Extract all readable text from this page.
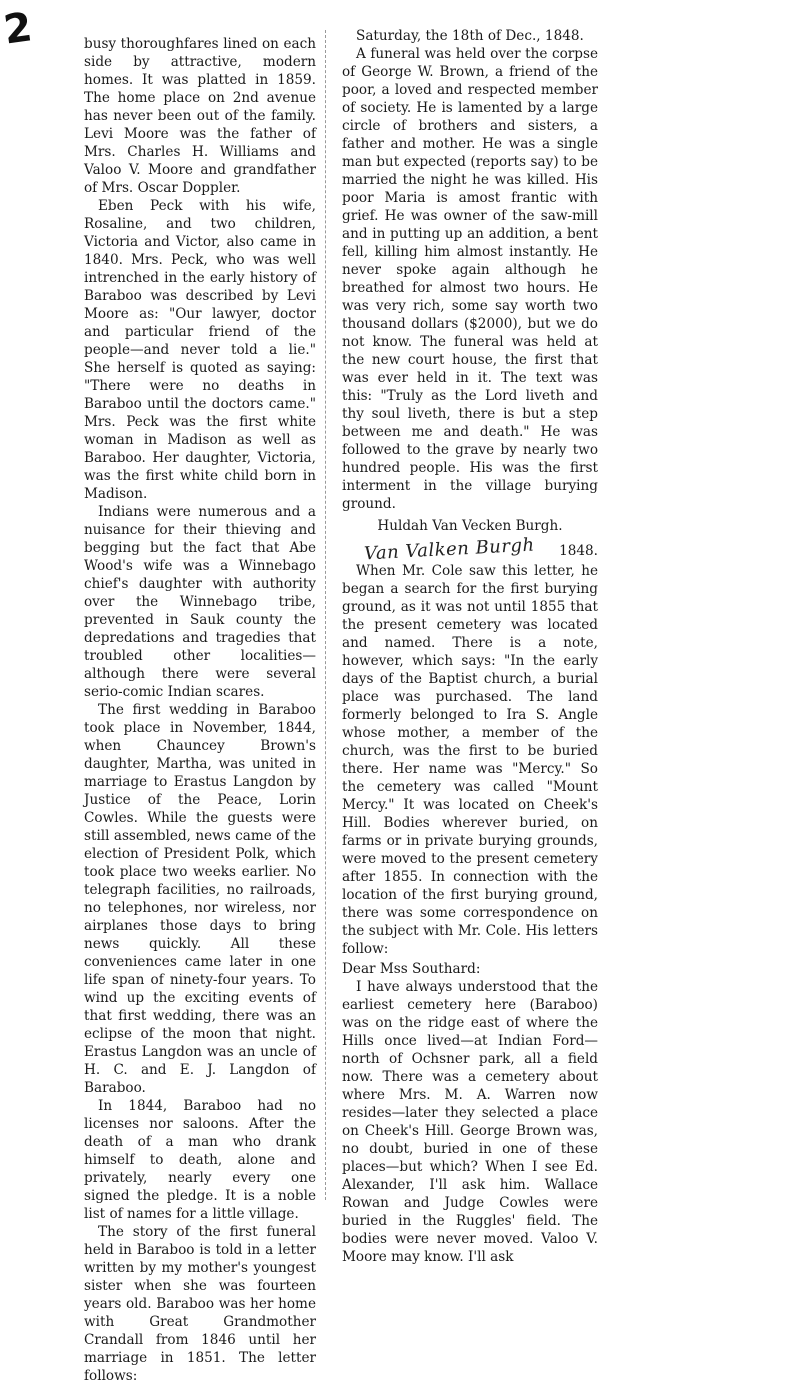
2	busy thoroughfares lined on each side by attractive, modern homes. It was platted in 1859. The home place on 2nd avenue has never been out of the family. Levi Moore was the father of Mrs. Charles H. Williams and Valoo V. Moore and grandfather of Mrs. Oscar Doppler.

Eben Peck with his wife, Rosaline, and two children, Victoria and Victor, also came in 1840. Mrs. Peck, who was well intrenched in the early history of Baraboo was described by Levi Moore as: "Our lawyer, doctor and particular friend of the people—and never told a lie." She herself is quoted as saying: "There were no deaths in Baraboo until the doctors came." Mrs. Peck was the first white woman in Madison as well as Baraboo. Her daughter, Victoria, was the first white child born in Madison.

Indians were numerous and a nuisance for their thieving and begging but the fact that Abe Wood's wife was a Winnebago chief's daughter with authority over the Winnebago tribe, prevented in Sauk county the depredations and tragedies that troubled other localities—although there were several serio-comic Indian scares.

The first wedding in Baraboo took place in November, 1844, when Chauncey Brown's daughter, Martha, was united in marriage to Erastus Langdon by Justice of the Peace, Lorin Cowles. While the guests were still assembled, news came of the election of President Polk, which took place two weeks earlier. No telegraph facilities, no railroads, no telephones, nor wireless, nor airplanes those days to bring news quickly. All these conveniences came later in one life span of ninety-four years. To wind up the exciting events of that first wedding, there was an eclipse of the moon that night. Erastus Langdon was an uncle of H. C. and E. J. Langdon of Baraboo.

In 1844, Baraboo had no licenses nor saloons. After the death of a man who drank himself to death, alone and privately, nearly every one signed the pledge. It is a noble list of names for a little village.

The story of the first funeral held in Baraboo is told in a letter written by my mother's youngest sister when she was fourteen years old. Baraboo was her home with Great Grandmother Crandall from 1846 until her marriage in 1851. The letter follows:

Saturday, the 18th of Dec., 1848.

A funeral was held over the corpse of George W. Brown, a friend of the poor, a loved and respected member of society. He is lamented by a large circle of brothers and sisters, a father and mother. He was a single man but expected (reports say) to be married the night he was killed. His poor Maria is amost frantic with grief. He was owner of the saw-mill and in putting up an addition, a bent fell, killing him almost instantly. He never spoke again although he breathed for almost two hours. He was very rich, some say worth two thousand dollars ($2000), but we do not know. The funeral was held at the new court house, the first that was ever held in it. The text was this: "Truly as the Lord liveth and thy soul liveth, there is but a step between me and death." He was followed to the grave by nearly two hundred people. His was the first interment in the village burying ground.

Huldah Van Vecken Burgh.

Van Valken Burgh 1848.

When Mr. Cole saw this letter, he began a search for the first burying ground, as it was not until 1855 that the present cemetery was located and named. There is a note, however, which says: "In the early days of the Baptist church, a burial place was purchased. The land formerly belonged to Ira S. Angle whose mother, a member of the church, was the first to be buried there. Her name was "Mercy." So the cemetery was called "Mount Mercy." It was located on Cheek's Hill. Bodies wherever buried, on farms or in private burying grounds, were moved to the present cemetery after 1855. In connection with the location of the first burying ground, there was some correspondence on the subject with Mr. Cole. His letters follow:

Dear Mss Southard:

I have always understood that the earliest cemetery here (Baraboo) was on the ridge east of where the Hills once lived—at Indian Ford—north of Ochsner park, all a field now. There was a cemetery about where Mrs. M. A. Warren now resides—later they selected a place on Cheek's Hill. George Brown was, no doubt, buried in one of these places—but which? When I see Ed. Alexander, I'll ask him. Wallace Rowan and Judge Cowles were buried in the Ruggles' field. The bodies were never moved. Valoo V. Moore may know. I'll ask
